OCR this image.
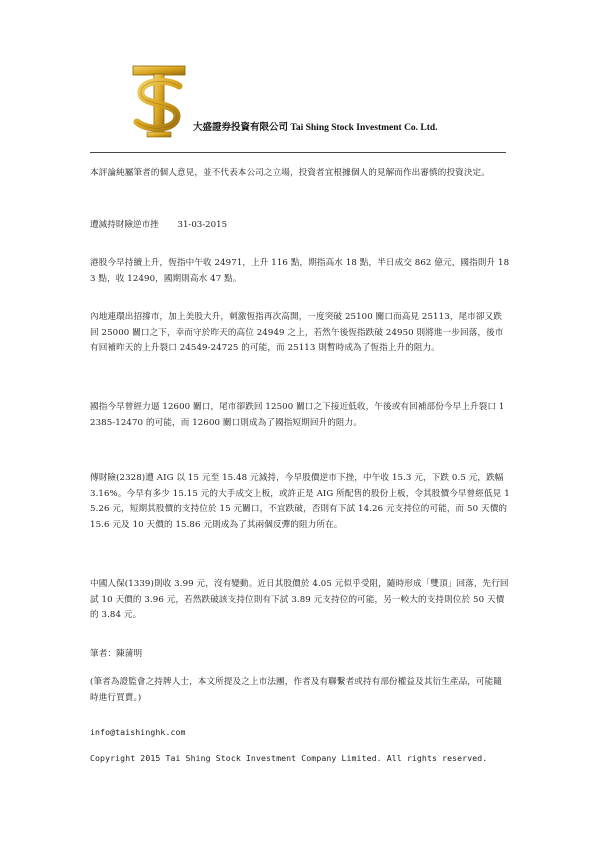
大盛證券投資有限公司 Tai Shing Stock Investment Co. Ltd.
本評論純屬筆者的個人意見，並不代表本公司之立場，投資者宜根據個人的見解而作出審慎的投資決定。
遭減持財險逆市挫 31-03-2015
港股今早持續上升，恆指中午收 24971，上升 116 點，期指高水 18 點，半日成交 862 億元，國指則升 183 點，收 12490，國期則高水 47 點。
內地連環出招撐市，加上美股大升，刺激恆指再次高開，一度突破 25100 關口而高見 25113，尾市卻又跌回 25000 關口之下，幸而守於昨天的高位 24949 之上，若然午後恆指跌破 24950 則將進一步回落，後市有回補昨天的上升裂口 24549-24725 的可能，而 25113 則暫時成為了恆指上升的阻力。
國指今早曾經力逼 12600 關口，尾市卻跌回 12500 關口之下接近低收，午後或有回補部份今早上升裂口 12385-12470 的可能，而 12600 關口則成為了國指短期回升的阻力。
傳財險(2328)遭 AIG 以 15 元至 15.48 元減持，今早股價逆市下挫，中午收 15.3 元，下跌 0.5 元，跌幅 3.16%。今早有多少 15.15 元的大手成交上板，或許正是 AIG 所配售的股份上板，令其股價今早曾經低見 15.26 元，短期其股價的支持位於 15 元關口，不宜跌破，否則有下試 14.26 元支持位的可能，而 50 天價的 15.6 元及 10 天價的 15.86 元則成為了其兩個反彈的阻力所在。
中國人保(1339)則收 3.99 元，沒有變動。近日其股價於 4.05 元似乎受阻，隨時形成「雙頂」回落，先行回試 10 天價的 3.96 元，若然跌破該支持位則有下試 3.89 元支持位的可能，另一較大的支持則位於 50 天價的 3.84 元。
筆者：陳蒲明
(筆者為證監會之持牌人士，本文所提及之上市法團，作者及有聯繫者或持有部份權益及其衍生產品，可能隨時進行買賣。)
info@taishinghk.com
Copyright 2015 Tai Shing Stock Investment Company Limited. All rights reserved.
